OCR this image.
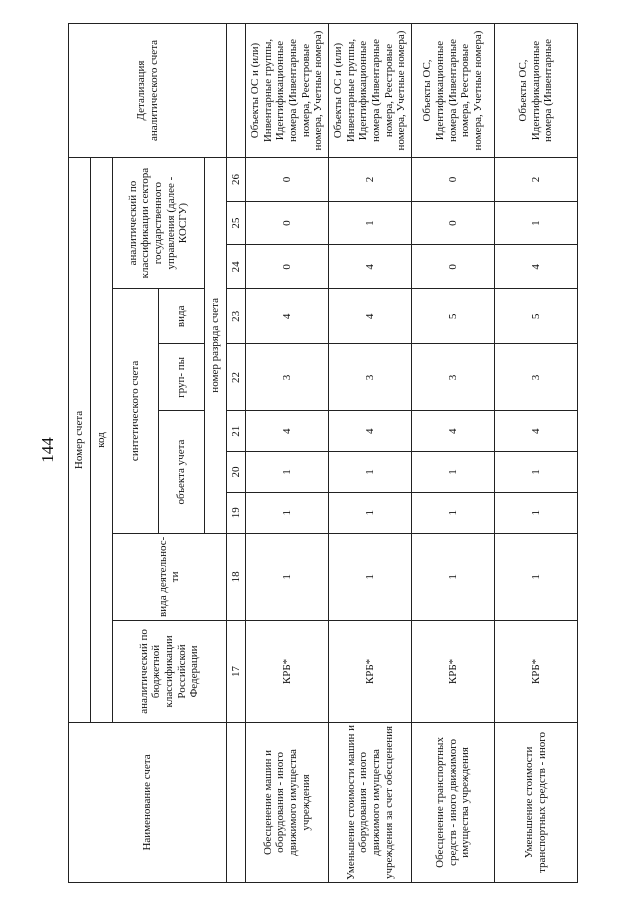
144
Наименование счета	Номер счета										Детализация аналитического счета
	код										
	аналитический по бюджетной классификации Российской Федерации	вида деятельнос- ти	синтетического счета					аналитический по классификации сектора государственного управления (далее - КОСГУ)			
			объекта учета			груп- пы	вида				
			номер разряда счета								
	17	18	19	20	21	22	23	24	25	26	
Обесценение машин и оборудования - иного движимого имущества учреждения	КРБ*	1	1	1	4	3	4	0	0	0	Объекты ОС и (или) Инвентарные группы, Идентификационные номера (Инвентарные номера, Реестровые номера, Учетные номера)
Уменьшение стоимости машин и оборудования - иного движимого имущества учреждения за счет обесценения	КРБ*	1	1	1	4	3	4	4	1	2	Объекты ОС и (или) Инвентарные группы, Идентификационные номера (Инвентарные номера, Реестровые номера, Учетные номера)
Обесценение транспортных средств - иного движимого имущества учреждения	КРБ*	1	1	1	4	3	5	0	0	0	Объекты ОС, Идентификационные номера (Инвентарные номера, Реестровые номера, Учетные номера)
Уменьшение стоимости транспортных средств - иного	КРБ*	1	1	1	4	3	5	4	1	2	Объекты ОС, Идентификационные номера (Инвентарные
